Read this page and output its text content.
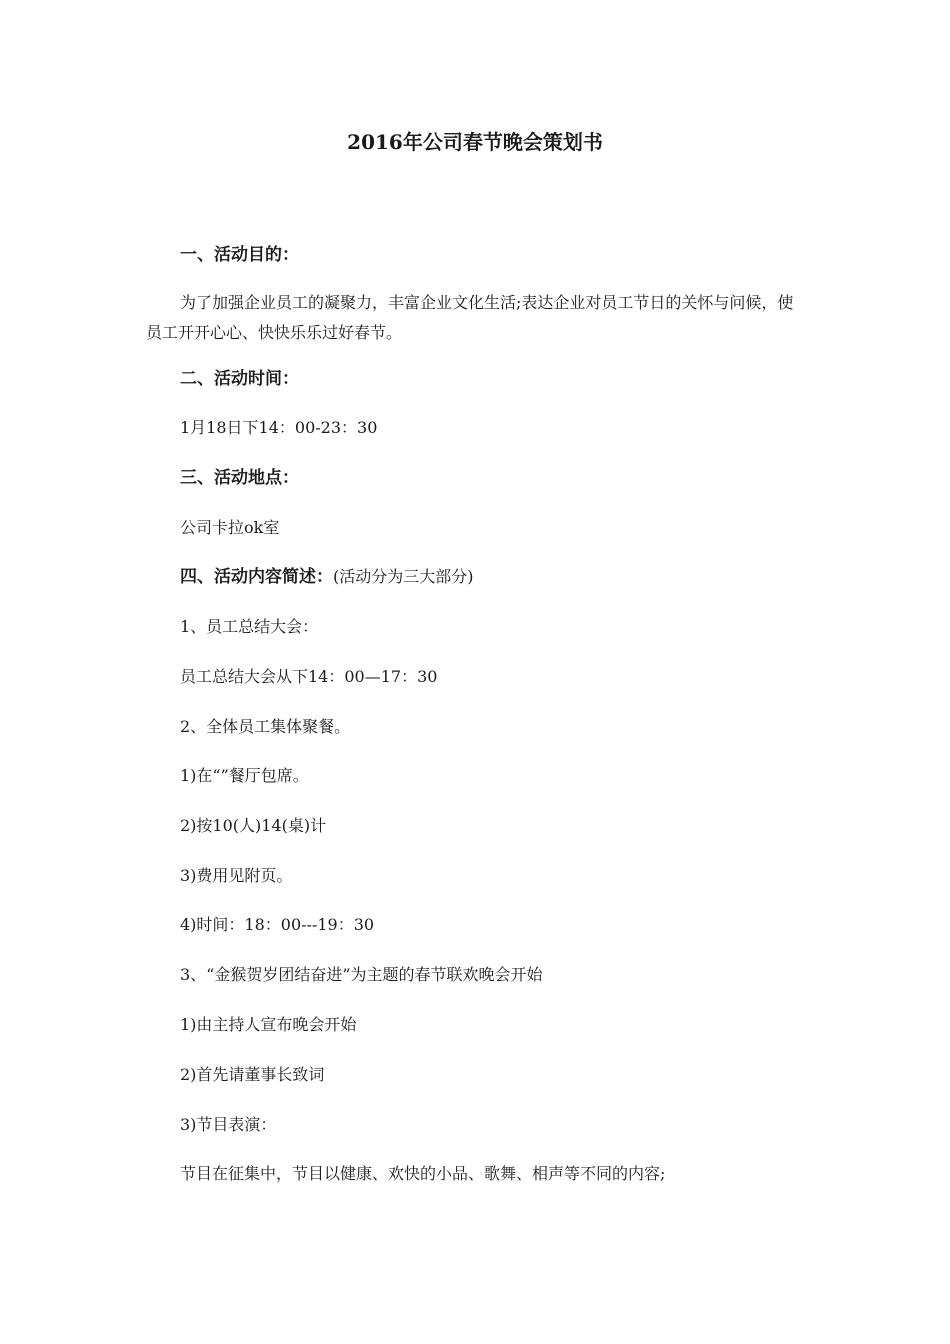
2016年公司春节晚会策划书
一、活动目的：
为了加强企业员工的凝聚力，丰富企业文化生活;表达企业对员工节日的关怀与问候，使员工开开心心、快快乐乐过好春节。
二、活动时间：
1月18日下14：00-23：30
三、活动地点：
公司卡拉ok室
四、活动内容简述：(活动分为三大部分)
1、员工总结大会：
员工总结大会从下14：00—17：30
2、全体员工集体聚餐。
1)在“”餐厅包席。
2)按10(人)14(桌)计
3)费用见附页。
4)时间：18：00---19：30
3、“金猴贺岁团结奋进”为主题的春节联欢晚会开始
1)由主持人宣布晚会开始
2)首先请董事长致词
3)节目表演：
节目在征集中，节目以健康、欢快的小品、歌舞、相声等不同的内容;
